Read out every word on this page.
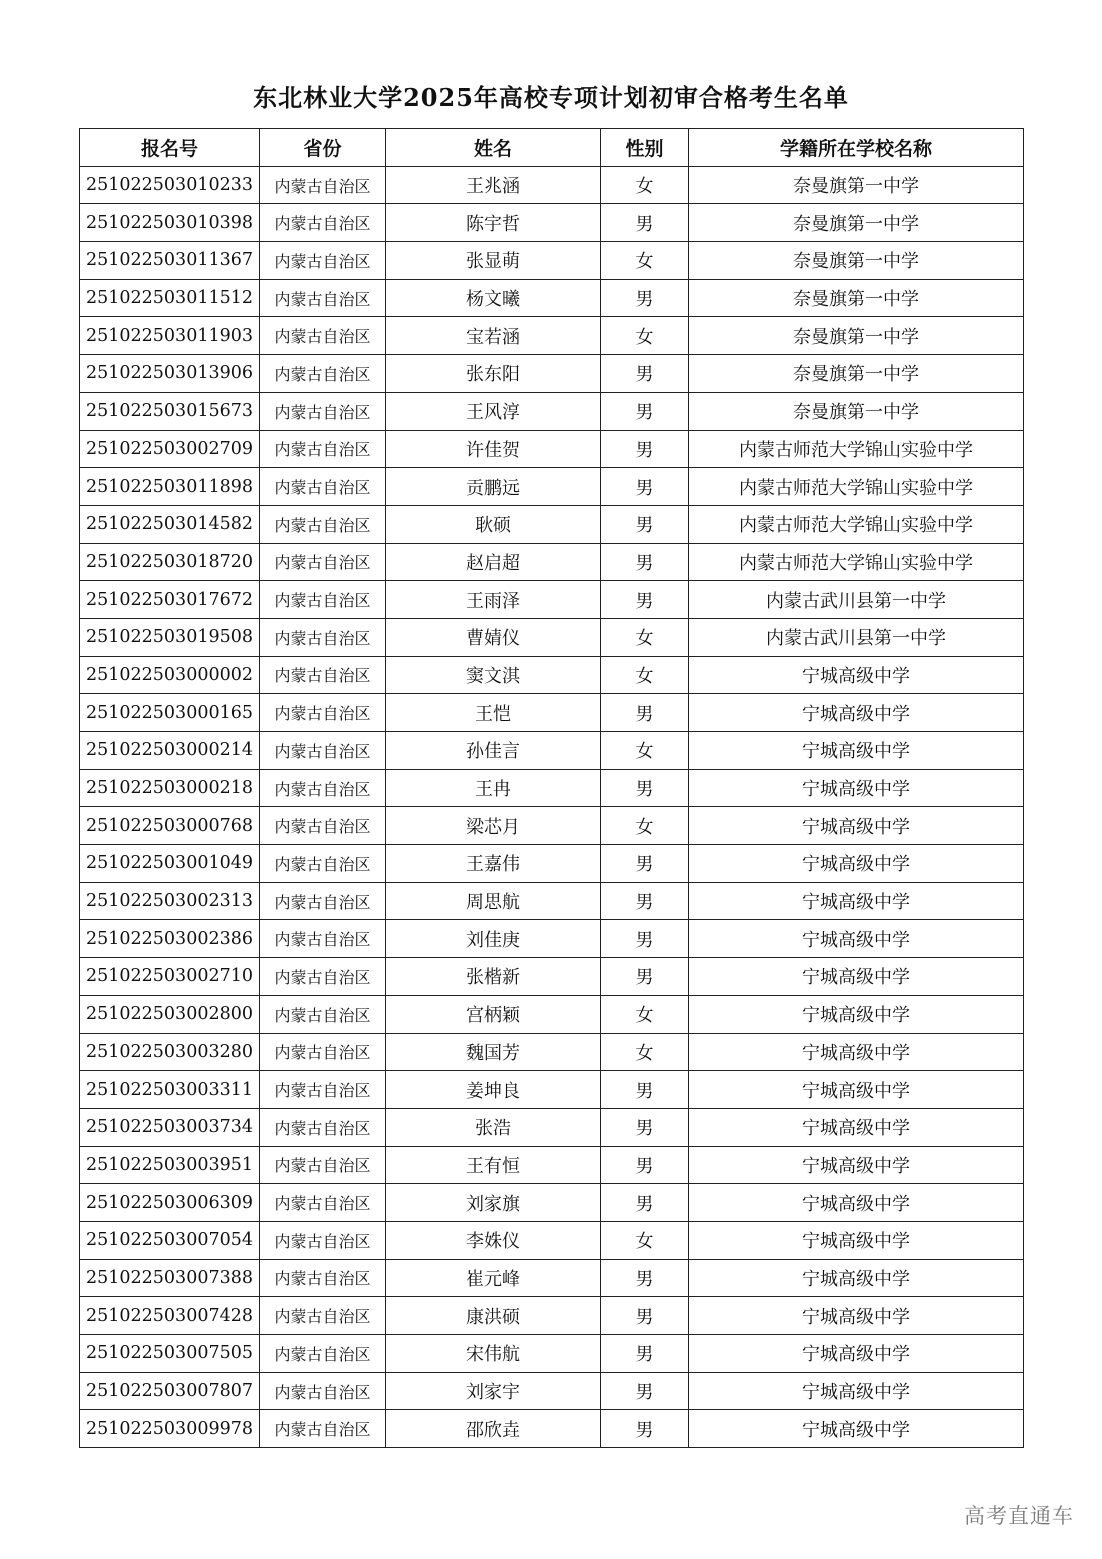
东北林业大学2025年高校专项计划初审合格考生名单
报名号	省份	姓名	性别	学籍所在学校名称
251022503010233	内蒙古自治区	王兆涵	女	奈曼旗第一中学
251022503010398	内蒙古自治区	陈宇哲	男	奈曼旗第一中学
251022503011367	内蒙古自治区	张显萌	女	奈曼旗第一中学
251022503011512	内蒙古自治区	杨文曦	男	奈曼旗第一中学
251022503011903	内蒙古自治区	宝若涵	女	奈曼旗第一中学
251022503013906	内蒙古自治区	张东阳	男	奈曼旗第一中学
251022503015673	内蒙古自治区	王风淳	男	奈曼旗第一中学
251022503002709	内蒙古自治区	许佳贺	男	内蒙古师范大学锦山实验中学
251022503011898	内蒙古自治区	贡鹏远	男	内蒙古师范大学锦山实验中学
251022503014582	内蒙古自治区	耿硕	男	内蒙古师范大学锦山实验中学
251022503018720	内蒙古自治区	赵启超	男	内蒙古师范大学锦山实验中学
251022503017672	内蒙古自治区	王雨泽	男	内蒙古武川县第一中学
251022503019508	内蒙古自治区	曹婧仪	女	内蒙古武川县第一中学
251022503000002	内蒙古自治区	窦文淇	女	宁城高级中学
251022503000165	内蒙古自治区	王恺	男	宁城高级中学
251022503000214	内蒙古自治区	孙佳言	女	宁城高级中学
251022503000218	内蒙古自治区	王冉	男	宁城高级中学
251022503000768	内蒙古自治区	梁芯月	女	宁城高级中学
251022503001049	内蒙古自治区	王嘉伟	男	宁城高级中学
251022503002313	内蒙古自治区	周思航	男	宁城高级中学
251022503002386	内蒙古自治区	刘佳庚	男	宁城高级中学
251022503002710	内蒙古自治区	张楷新	男	宁城高级中学
251022503002800	内蒙古自治区	宫柄颖	女	宁城高级中学
251022503003280	内蒙古自治区	魏国芳	女	宁城高级中学
251022503003311	内蒙古自治区	姜坤良	男	宁城高级中学
251022503003734	内蒙古自治区	张浩	男	宁城高级中学
251022503003951	内蒙古自治区	王有恒	男	宁城高级中学
251022503006309	内蒙古自治区	刘家旗	男	宁城高级中学
251022503007054	内蒙古自治区	李姝仪	女	宁城高级中学
251022503007388	内蒙古自治区	崔元峰	男	宁城高级中学
251022503007428	内蒙古自治区	康洪硕	男	宁城高级中学
251022503007505	内蒙古自治区	宋伟航	男	宁城高级中学
251022503007807	内蒙古自治区	刘家宇	男	宁城高级中学
251022503009978	内蒙古自治区	邵欣垚	男	宁城高级中学
高考直通车
